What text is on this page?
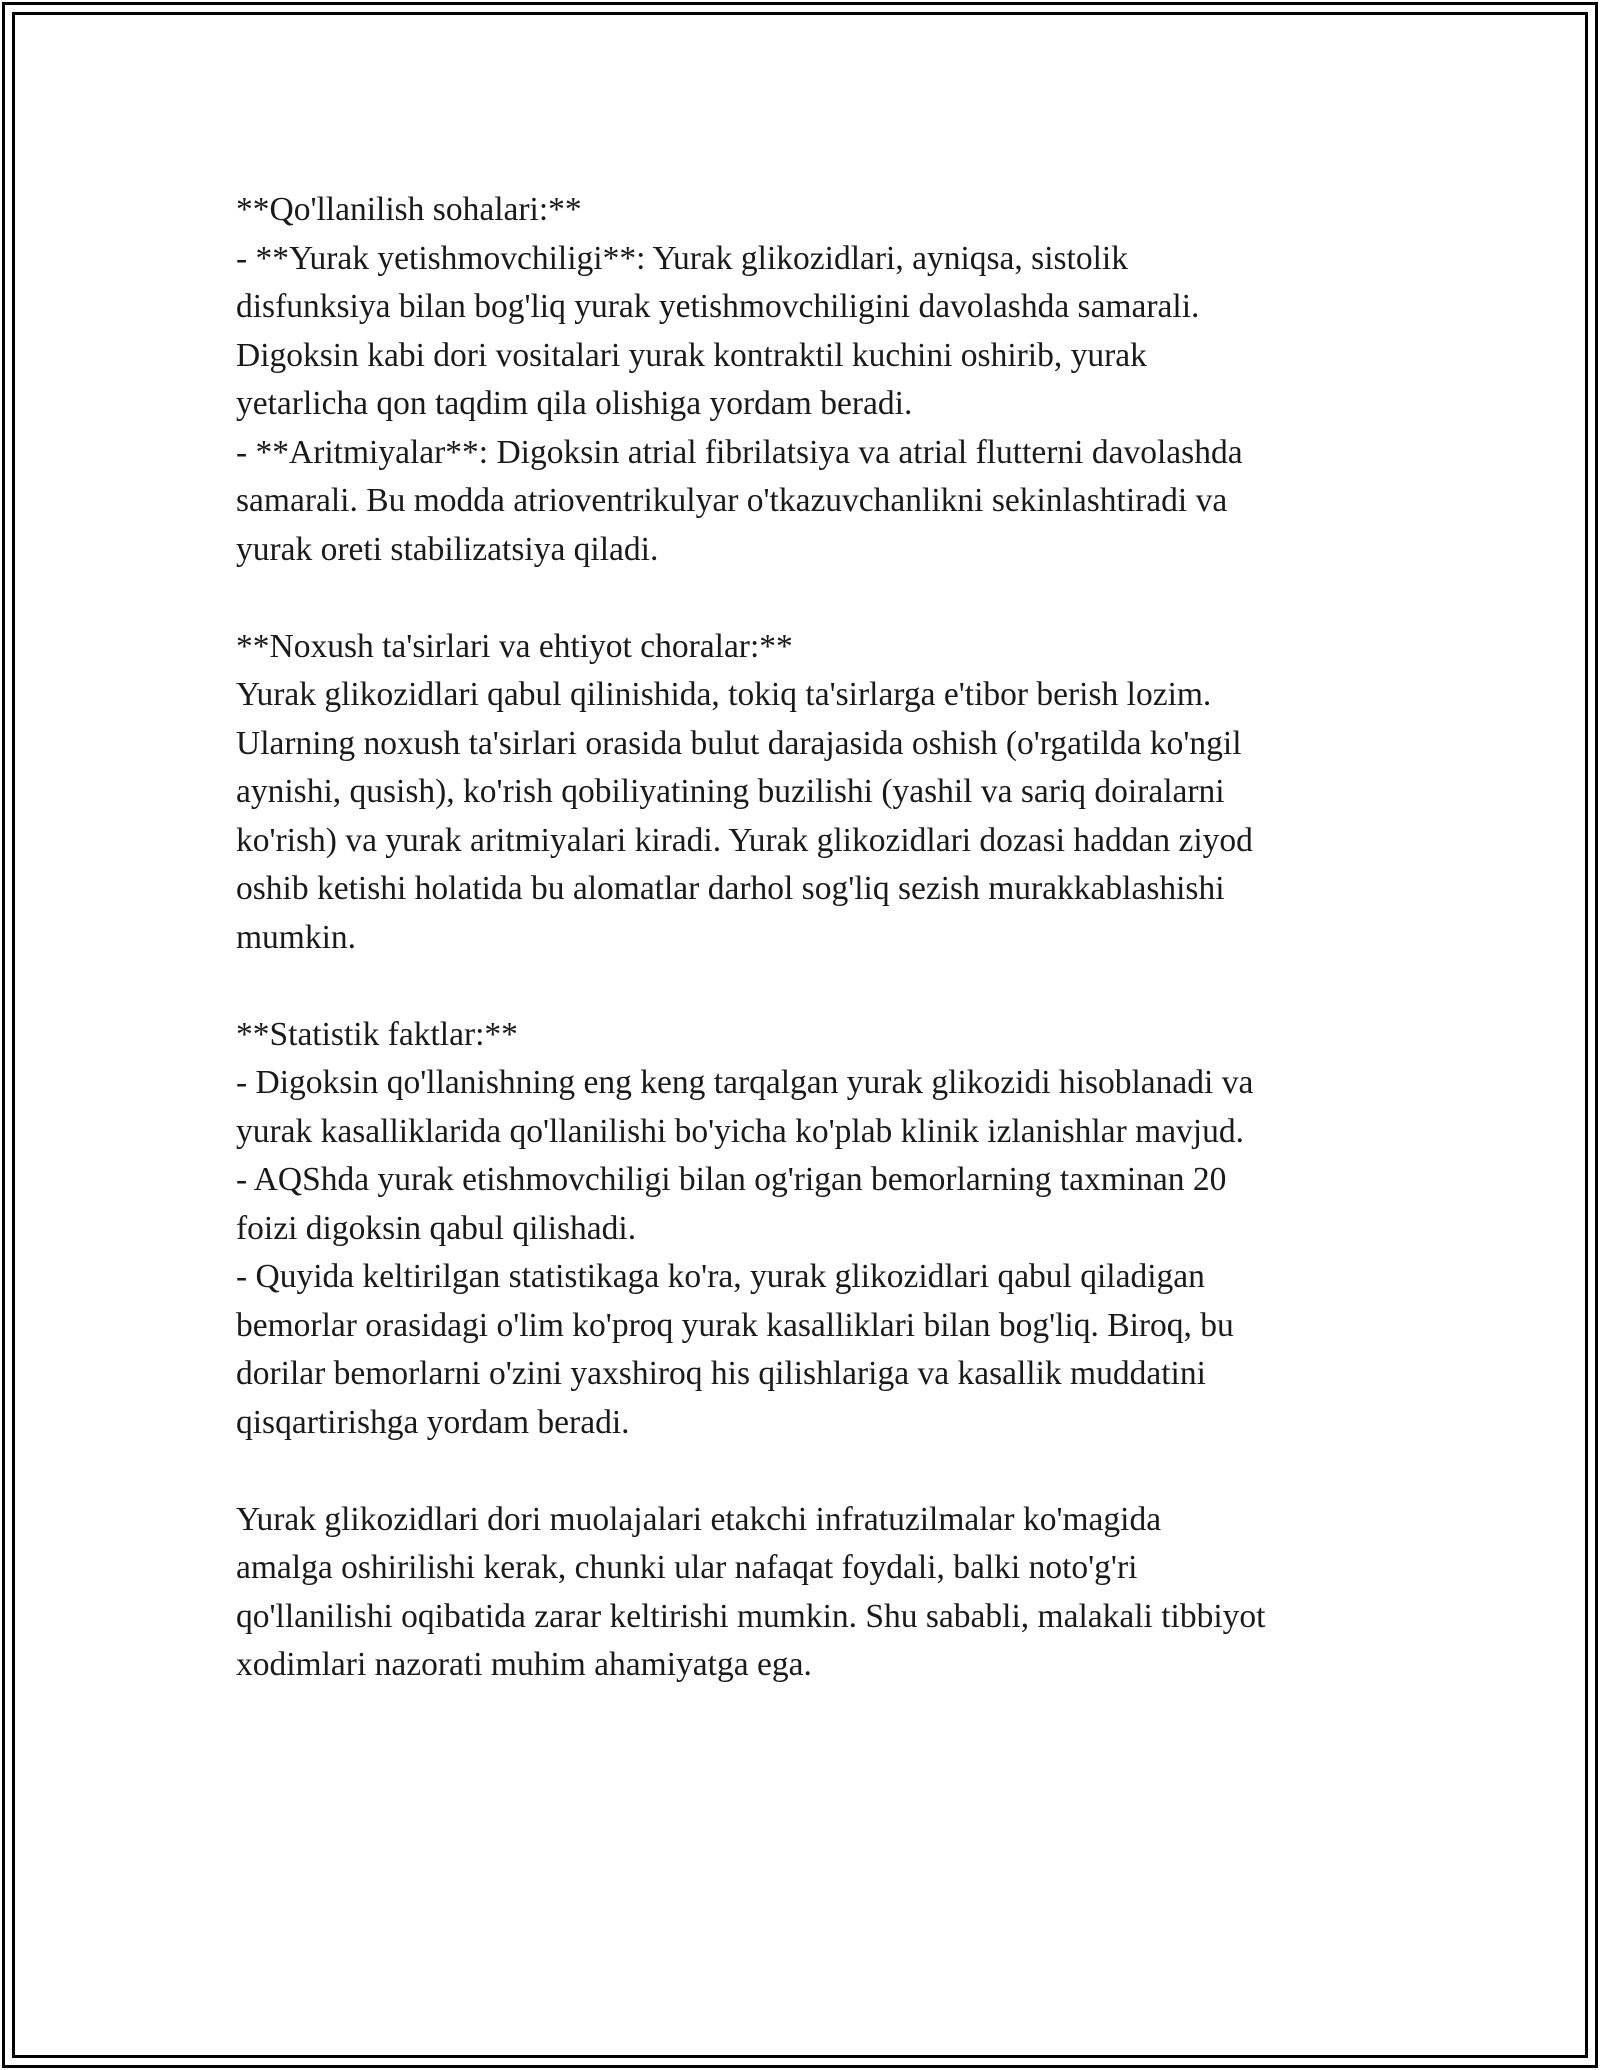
**Qo'llanilish sohalari:**

- **Yurak yetishmovchiligi**: Yurak glikozidlari, ayniqsa, sistolik

disfunksiya bilan bog'liq yurak yetishmovchiligini davolashda samarali.

Digoksin kabi dori vositalari yurak kontraktil kuchini oshirib, yurak

yetarlicha qon taqdim qila olishiga yordam beradi.

- **Aritmiyalar**: Digoksin atrial fibrilatsiya va atrial flutterni davolashda

samarali. Bu modda atrioventrikulyar o'tkazuvchanlikni sekinlashtiradi va

yurak oreti stabilizatsiya qiladi.

**Noxush ta'sirlari va ehtiyot choralar:**

Yurak glikozidlari qabul qilinishida, tokiq ta'sirlarga e'tibor berish lozim.

Ularning noxush ta'sirlari orasida bulut darajasida oshish (o'rgatilda ko'ngil

aynishi, qusish), ko'rish qobiliyatining buzilishi (yashil va sariq doiralarni

ko'rish) va yurak aritmiyalari kiradi. Yurak glikozidlari dozasi haddan ziyod

oshib ketishi holatida bu alomatlar darhol sog'liq sezish murakkablashishi

mumkin.

**Statistik faktlar:**

- Digoksin qo'llanishning eng keng tarqalgan yurak glikozidi hisoblanadi va

yurak kasalliklarida qo'llanilishi bo'yicha ko'plab klinik izlanishlar mavjud.

- AQShda yurak etishmovchiligi bilan og'rigan bemorlarning taxminan 20

foizi digoksin qabul qilishadi.

- Quyida keltirilgan statistikaga ko'ra, yurak glikozidlari qabul qiladigan

bemorlar orasidagi o'lim ko'proq yurak kasalliklari bilan bog'liq. Biroq, bu

dorilar bemorlarni o'zini yaxshiroq his qilishlariga va kasallik muddatini

qisqartirishga yordam beradi.

Yurak glikozidlari dori muolajalari etakchi infratuzilmalar ko'magida

amalga oshirilishi kerak, chunki ular nafaqat foydali, balki noto'g'ri

qo'llanilishi oqibatida zarar keltirishi mumkin. Shu sababli, malakali tibbiyot

xodimlari nazorati muhim ahamiyatga ega.
